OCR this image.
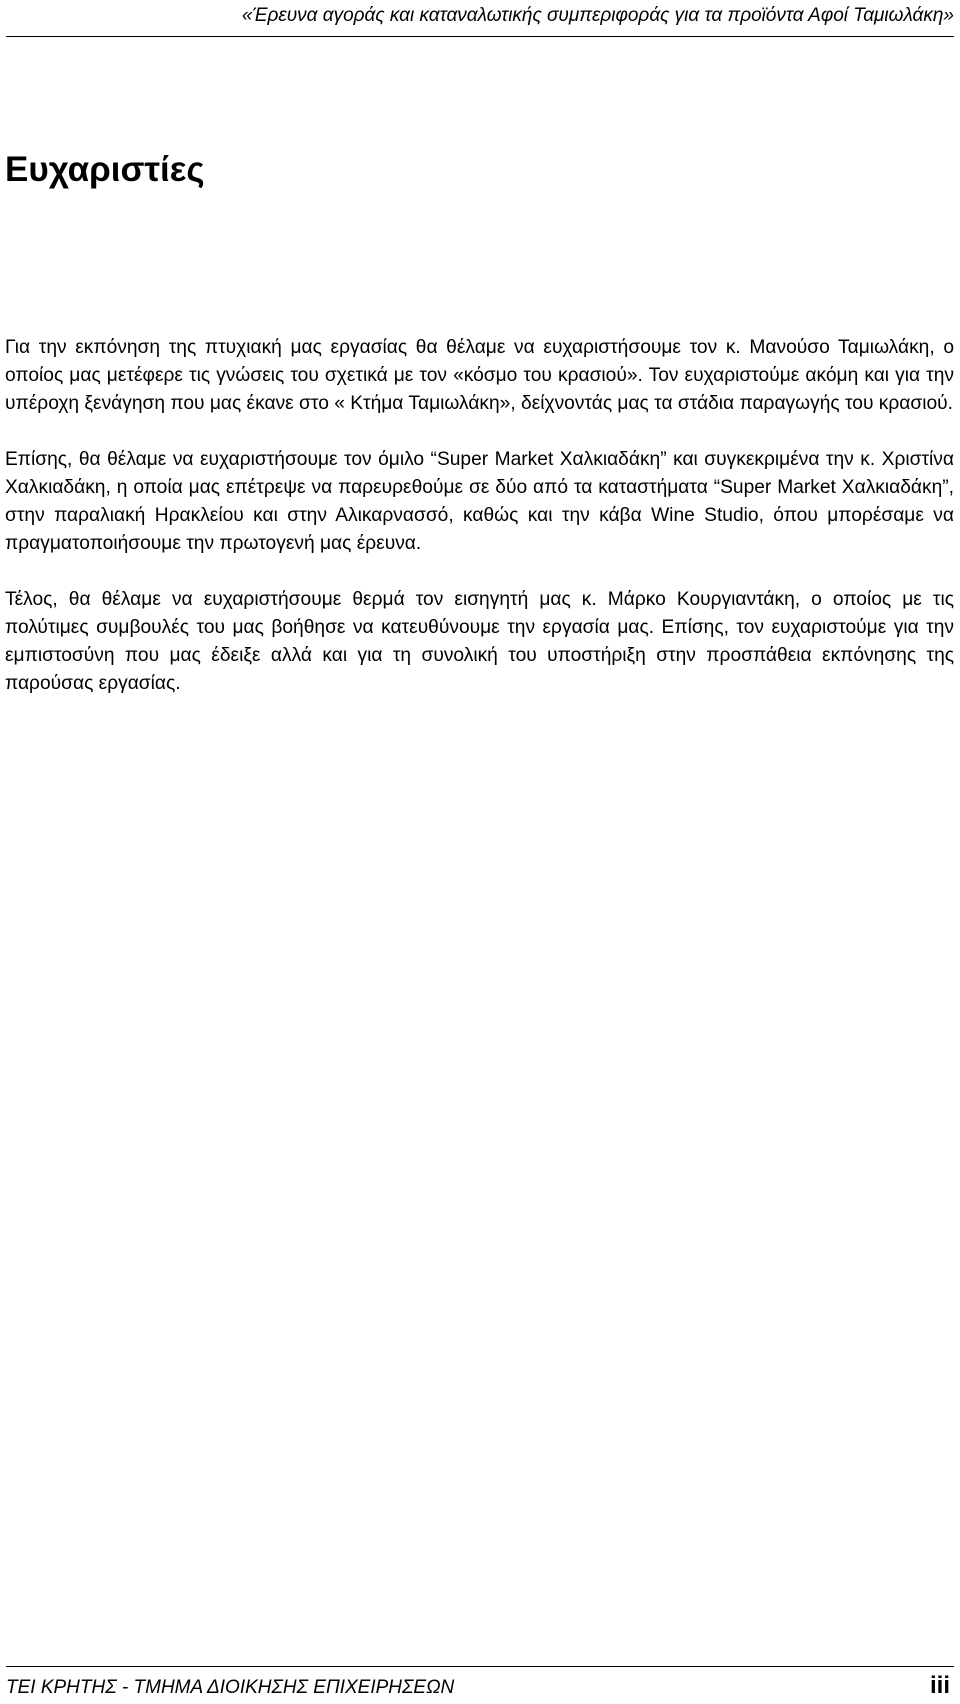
«Έρευνα αγοράς και καταναλωτικής συμπεριφοράς για τα προϊόντα Αφοί Ταμιωλάκη»
Ευχαριστίες

Για την εκπόνηση της πτυχιακή μας εργασίας θα θέλαμε να ευχαριστήσουμε τον κ. Μανούσο Ταμιωλάκη, ο οποίος μας μετέφερε τις γνώσεις του σχετικά με τον «κόσμο του κρασιού». Τον ευχαριστούμε ακόμη και για την υπέροχη ξενάγηση που μας έκανε στο « Κτήμα Ταμιωλάκη», δείχνοντάς μας τα στάδια παραγωγής του κρασιού.

Επίσης, θα θέλαμε να ευχαριστήσουμε τον όμιλο “Super Market Χαλκιαδάκη” και συγκεκριμένα την κ. Χριστίνα Χαλκιαδάκη, η οποία μας επέτρεψε να παρευρεθούμε σε δύο από τα καταστήματα “Super Market Χαλκιαδάκη”, στην παραλιακή Ηρακλείου και στην Αλικαρνασσό, καθώς και την κάβα Wine Studio, όπου μπορέσαμε να πραγματοποιήσουμε την πρωτογενή μας έρευνα.

Τέλος, θα θέλαμε να ευχαριστήσουμε θερμά τον εισηγητή μας κ. Μάρκο Κουργιαντάκη, ο οποίος με τις πολύτιμες συμβουλές του μας βοήθησε να κατευθύνουμε την εργασία μας. Επίσης, τον ευχαριστούμε για την εμπιστοσύνη που μας έδειξε αλλά και για τη συνολική του υποστήριξη στην προσπάθεια εκπόνησης της παρούσας εργασίας.

ΤΕΙ ΚΡΗΤΗΣ - ΤΜΗΜΑ ΔΙΟΙΚΗΣΗΣ ΕΠΙΧΕΙΡΗΣΕΩΝ	iii
